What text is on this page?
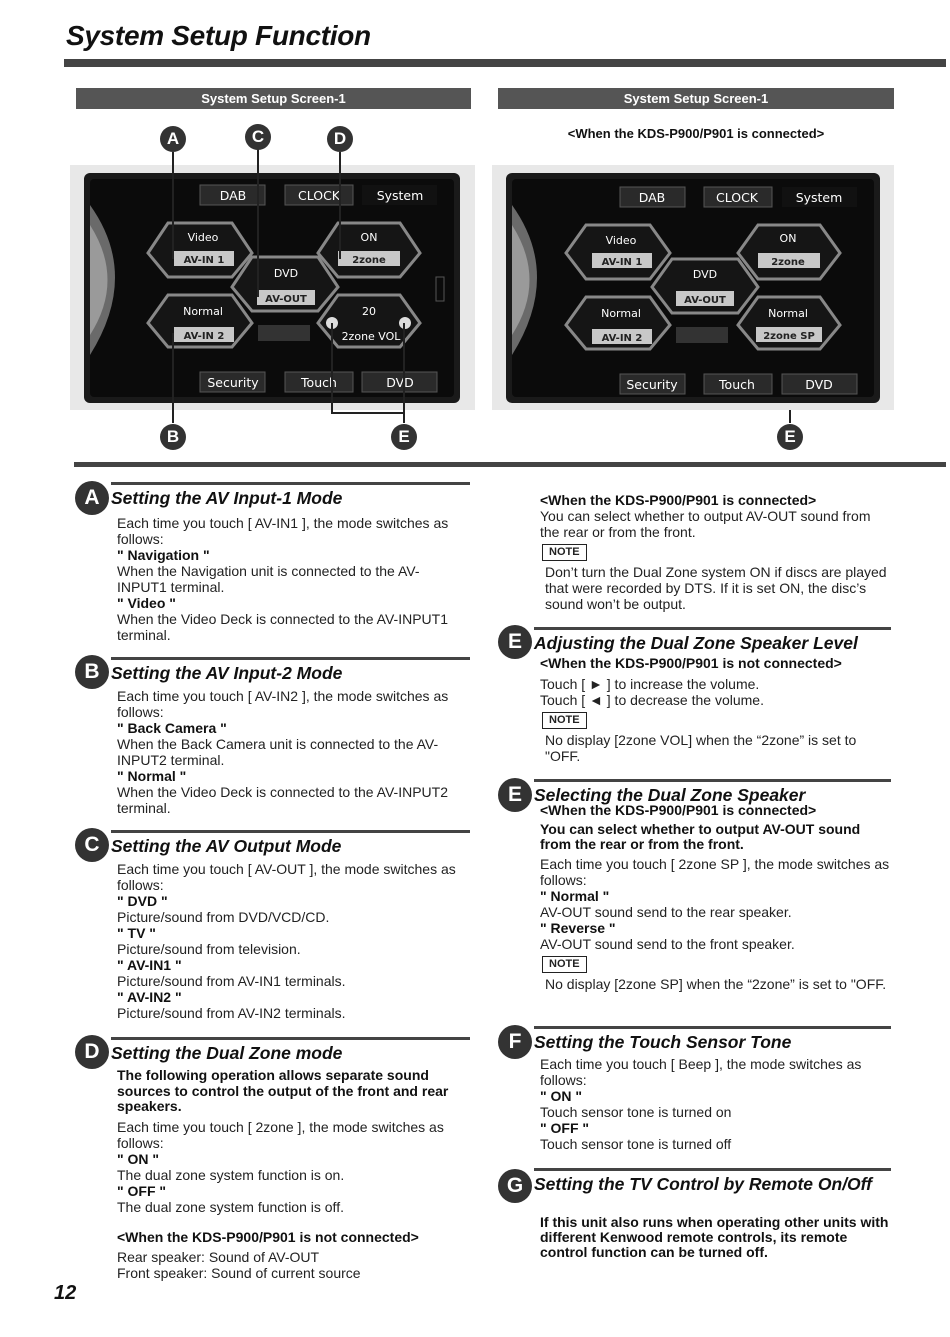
System Setup Function
System Setup Screen-1	System Setup Screen-1
<When the KDS-P900/P901 is connected>
DAB	CLOCK	System
Video
AV-IN 1
ON
2zone
DVD
AV-OUT
Normal
AV-IN 2
20
2zone VOL
Security	Touch	DVD
A	C	D
B	E	E
DAB	CLOCK	System
Video
AV-IN 1
ON
2zone
DVD
AV-OUT
Normal
AV-IN 2
Normal
2zone SP
Security	Touch	DVD
A Setting the AV Input-1 Mode

Each time you touch [ AV-IN1 ], the mode switches as follows:

" Navigation "

When the Navigation unit is connected to the AV-INPUT1 terminal.

" Video "

When the Video Deck is connected to the AV-INPUT1 terminal.

B Setting the AV Input-2 Mode

Each time you touch [ AV-IN2 ], the mode switches as follows:

" Back Camera "

When the Back Camera unit is connected to the AV-INPUT2 terminal.

" Normal "

When the Video Deck is connected to the AV-INPUT2 terminal.

C Setting the AV Output Mode

Each time you touch [ AV-OUT ], the mode switches as follows:

" DVD "

Picture/sound from DVD/VCD/CD.

" TV "

Picture/sound from television.

" AV-IN1 "

Picture/sound from AV-IN1 terminals.

" AV-IN2 "

Picture/sound from AV-IN2 terminals.

D Setting the Dual Zone mode

The following operation allows separate sound sources to control the output of the front and rear speakers.

Each time you touch [ 2zone ], the mode switches as follows:

" ON "

The dual zone system function is on.

" OFF "

The dual zone system function is off.

<When the KDS-P900/P901 is not connected>

Rear speaker: Sound of AV-OUT

Front speaker: Sound of current source

<When the KDS-P900/P901 is connected>

You can select whether to output AV-OUT sound from the rear or from the front.

NOTE

Don’t turn the Dual Zone system ON if discs are played that were recorded by DTS. If it is set ON, the disc’s sound won’t be output.

E Adjusting the Dual Zone Speaker Level

<When the KDS-P900/P901 is not connected>

Touch [ ► ] to increase the volume.

Touch [ ◄ ] to decrease the volume.

NOTE

No display [2zone VOL] when the “2zone” is set to "OFF.

E Selecting the Dual Zone Speaker

<When the KDS-P900/P901 is connected>

You can select whether to output AV-OUT sound from the rear or from the front.

Each time you touch [ 2zone SP ], the mode switches as follows:

" Normal "

AV-OUT sound send to the rear speaker.

" Reverse "

AV-OUT sound send to the front speaker.

NOTE

No display [2zone SP] when the “2zone” is set to "OFF.

F Setting the Touch Sensor Tone

Each time you touch [ Beep ], the mode switches as follows:

" ON "

Touch sensor tone is turned on

" OFF "

Touch sensor tone is turned off

G Setting the TV Control by Remote On/Off

If this unit also runs when operating other units with different Kenwood remote controls, its remote control function can be turned off.

12
